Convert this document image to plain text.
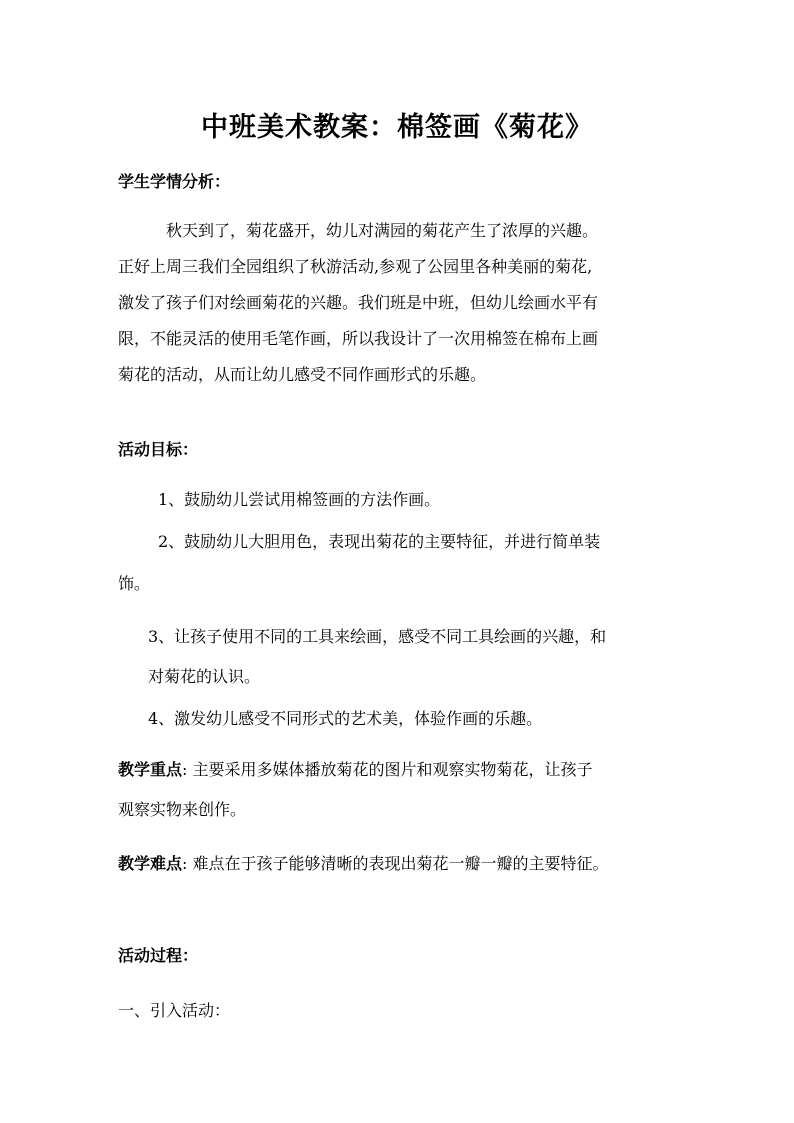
中班美术教案：棉签画《菊花》
学生学情分析：

秋天到了，菊花盛开，幼儿对满园的菊花产生了浓厚的兴趣。

正好上周三我们全园组织了秋游活动,参观了公园里各种美丽的菊花,

激发了孩子们对绘画菊花的兴趣。我们班是中班，但幼儿绘画水平有

限，不能灵活的使用毛笔作画，所以我设计了一次用棉签在棉布上画

菊花的活动，从而让幼儿感受不同作画形式的乐趣。

活动目标：
1、鼓励幼儿尝试用棉签画的方法作画。
2、鼓励幼儿大胆用色，表现出菊花的主要特征，并进行简单装
饰。
3、让孩子使用不同的工具来绘画，感受不同工具绘画的兴趣，和
对菊花的认识。
4、激发幼儿感受不同形式的艺术美，体验作画的乐趣。
教学重点: 主要采用多媒体播放菊花的图片和观察实物菊花，让孩子
观察实物来创作。
教学难点: 难点在于孩子能够清晰的表现出菊花一瓣一瓣的主要特征。
活动过程：
一、引入活动：
